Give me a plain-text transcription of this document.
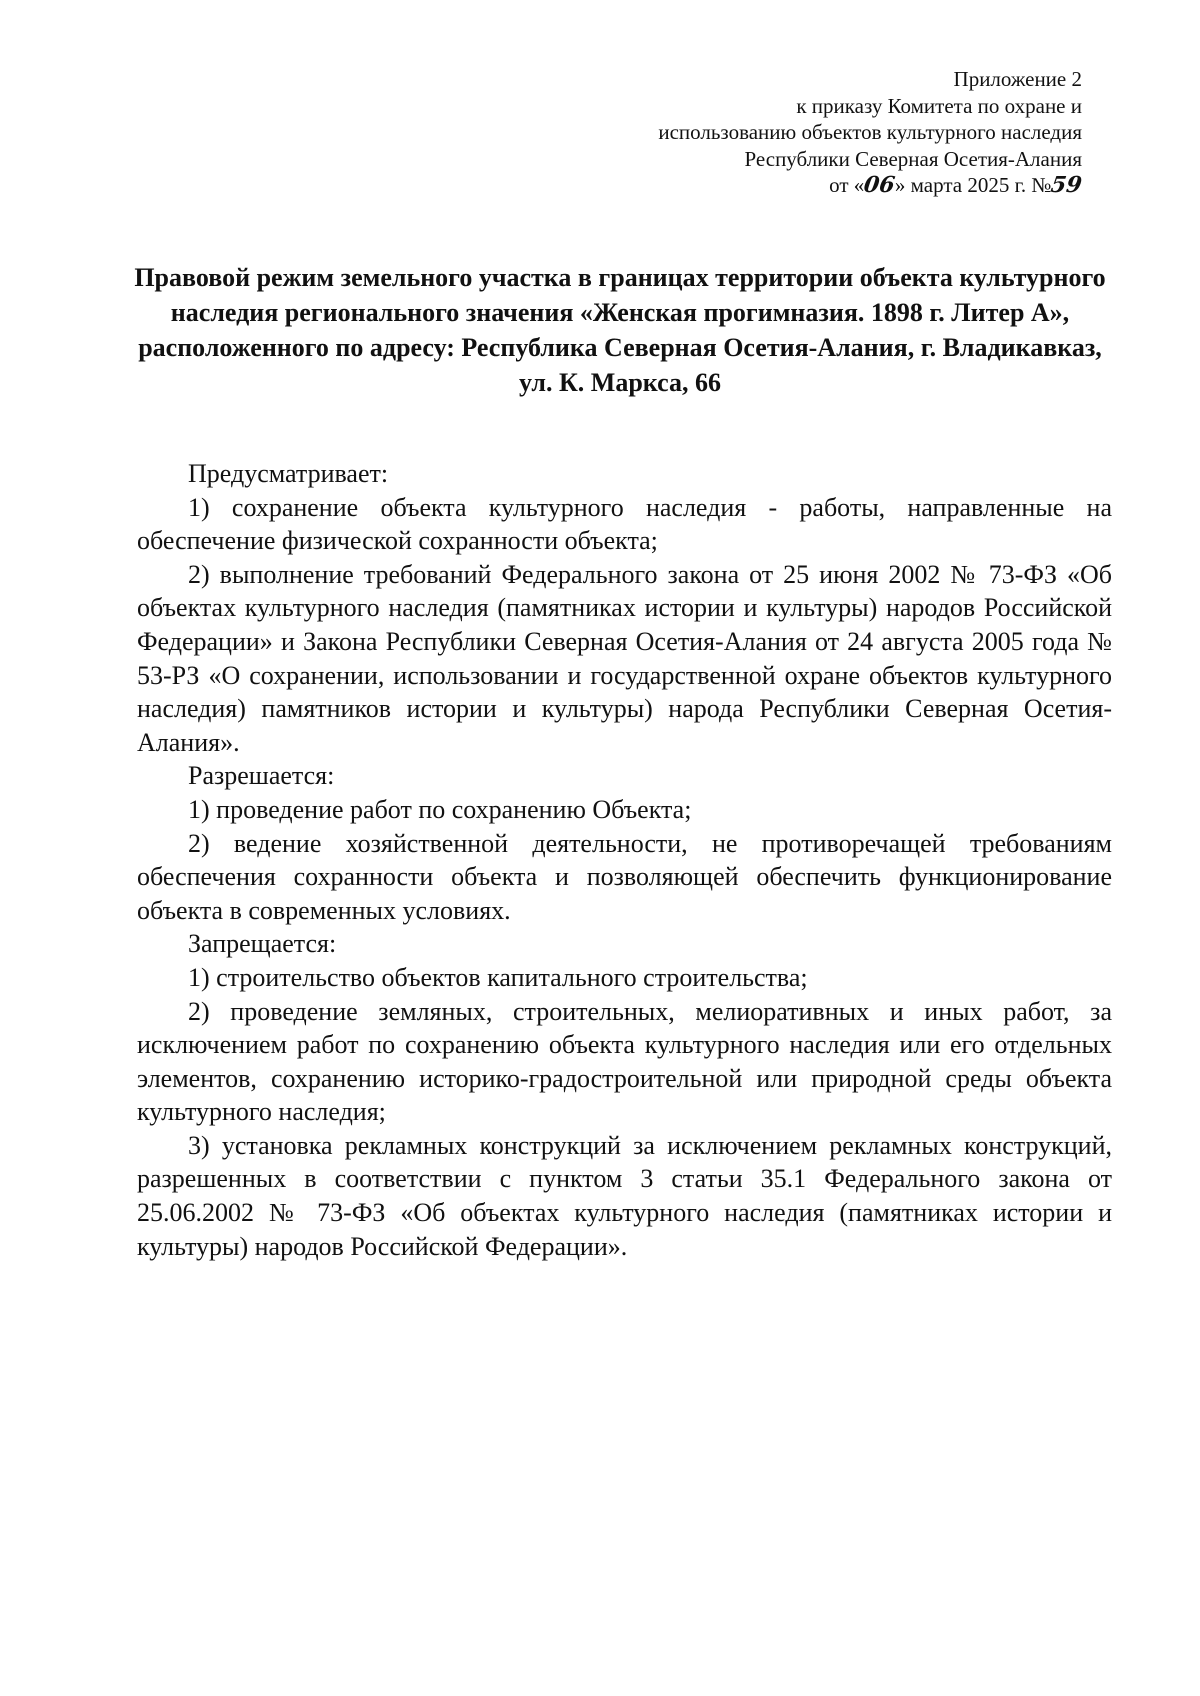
Приложение 2
к приказу Комитета по охране и
использованию объектов культурного наследия
Республики Северная Осетия-Алания
от «06» марта 2025 г. №59
Правовой режим земельного участка в границах территории объекта культурного наследия регионального значения «Женская прогимназия. 1898 г. Литер А», расположенного по адресу: Республика Северная Осетия-Алания, г. Владикавказ, ул. К. Маркса, 66

Предусматривает:

1) сохранение объекта культурного наследия - работы, направленные на обеспечение физической сохранности объекта;

2) выполнение требований Федерального закона от 25 июня 2002 № 73-ФЗ «Об объектах культурного наследия (памятниках истории и культуры) народов Российской Федерации» и Закона Республики Северная Осетия-Алания от 24 августа 2005 года № 53-РЗ «О сохранении, использовании и государственной охране объектов культурного наследия) памятников истории и культуры) народа Республики Северная Осетия-Алания».

Разрешается:

1) проведение работ по сохранению Объекта;

2) ведение хозяйственной деятельности, не противоречащей требованиям обеспечения сохранности объекта и позволяющей обеспечить функционирование объекта в современных условиях.

Запрещается:

1) строительство объектов капитального строительства;

2) проведение земляных, строительных, мелиоративных и иных работ, за исключением работ по сохранению объекта культурного наследия или его отдельных элементов, сохранению историко-градостроительной или природной среды объекта культурного наследия;

3) установка рекламных конструкций за исключением рекламных конструкций, разрешенных в соответствии с пунктом 3 статьи 35.1 Федерального закона от 25.06.2002 № 73-ФЗ «Об объектах культурного наследия (памятниках истории и культуры) народов Российской Федерации».
